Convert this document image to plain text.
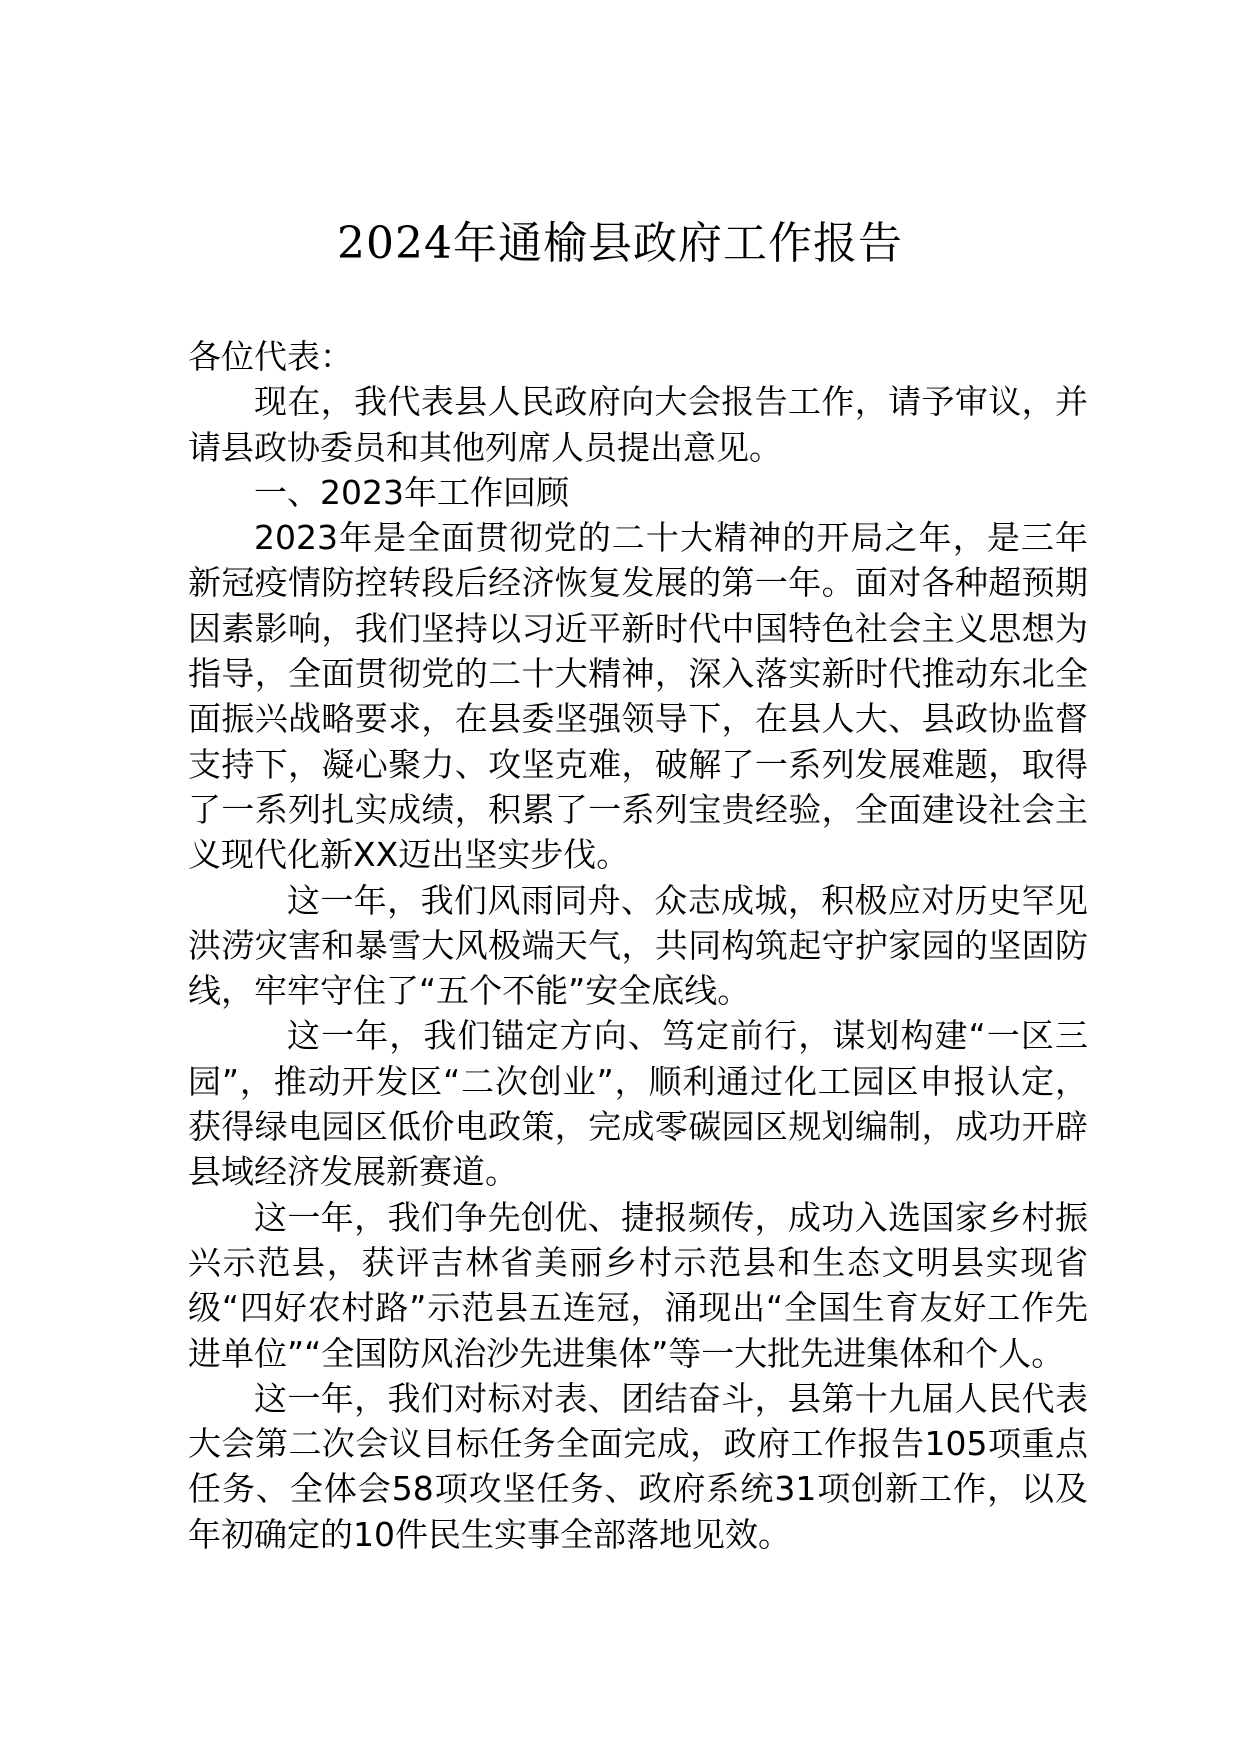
2024年通榆县政府工作报告

各位代表：

现在，我代表县人民政府向大会报告工作，请予审议，并请县政协委员和其他列席人员提出意见。

一、2023年工作回顾

2023年是全面贯彻党的二十大精神的开局之年，是三年新冠疫情防控转段后经济恢复发展的第一年。面对各种超预期因素影响，我们坚持以习近平新时代中国特色社会主义思想为指导，全面贯彻党的二十大精神，深入落实新时代推动东北全面振兴战略要求，在县委坚强领导下，在县人大、县政协监督支持下，凝心聚力、攻坚克难，破解了一系列发展难题，取得了一系列扎实成绩，积累了一系列宝贵经验，全面建设社会主义现代化新XX迈出坚实步伐。

这一年，我们风雨同舟、众志成城，积极应对历史罕见洪涝灾害和暴雪大风极端天气，共同构筑起守护家园的坚固防线，牢牢守住了“五个不能”安全底线。

这一年，我们锚定方向、笃定前行，谋划构建“一区三园”，推动开发区“二次创业”，顺利通过化工园区申报认定，获得绿电园区低价电政策，完成零碳园区规划编制，成功开辟县域经济发展新赛道。

这一年，我们争先创优、捷报频传，成功入选国家乡村振兴示范县，获评吉林省美丽乡村示范县和生态文明县实现省级“四好农村路”示范县五连冠，涌现出“全国生育友好工作先进单位”“全国防风治沙先进集体”等一大批先进集体和个人。

这一年，我们对标对表、团结奋斗，县第十九届人民代表大会第二次会议目标任务全面完成，政府工作报告105项重点任务、全体会58项攻坚任务、政府系统31项创新工作，以及年初确定的10件民生实事全部落地见效。
